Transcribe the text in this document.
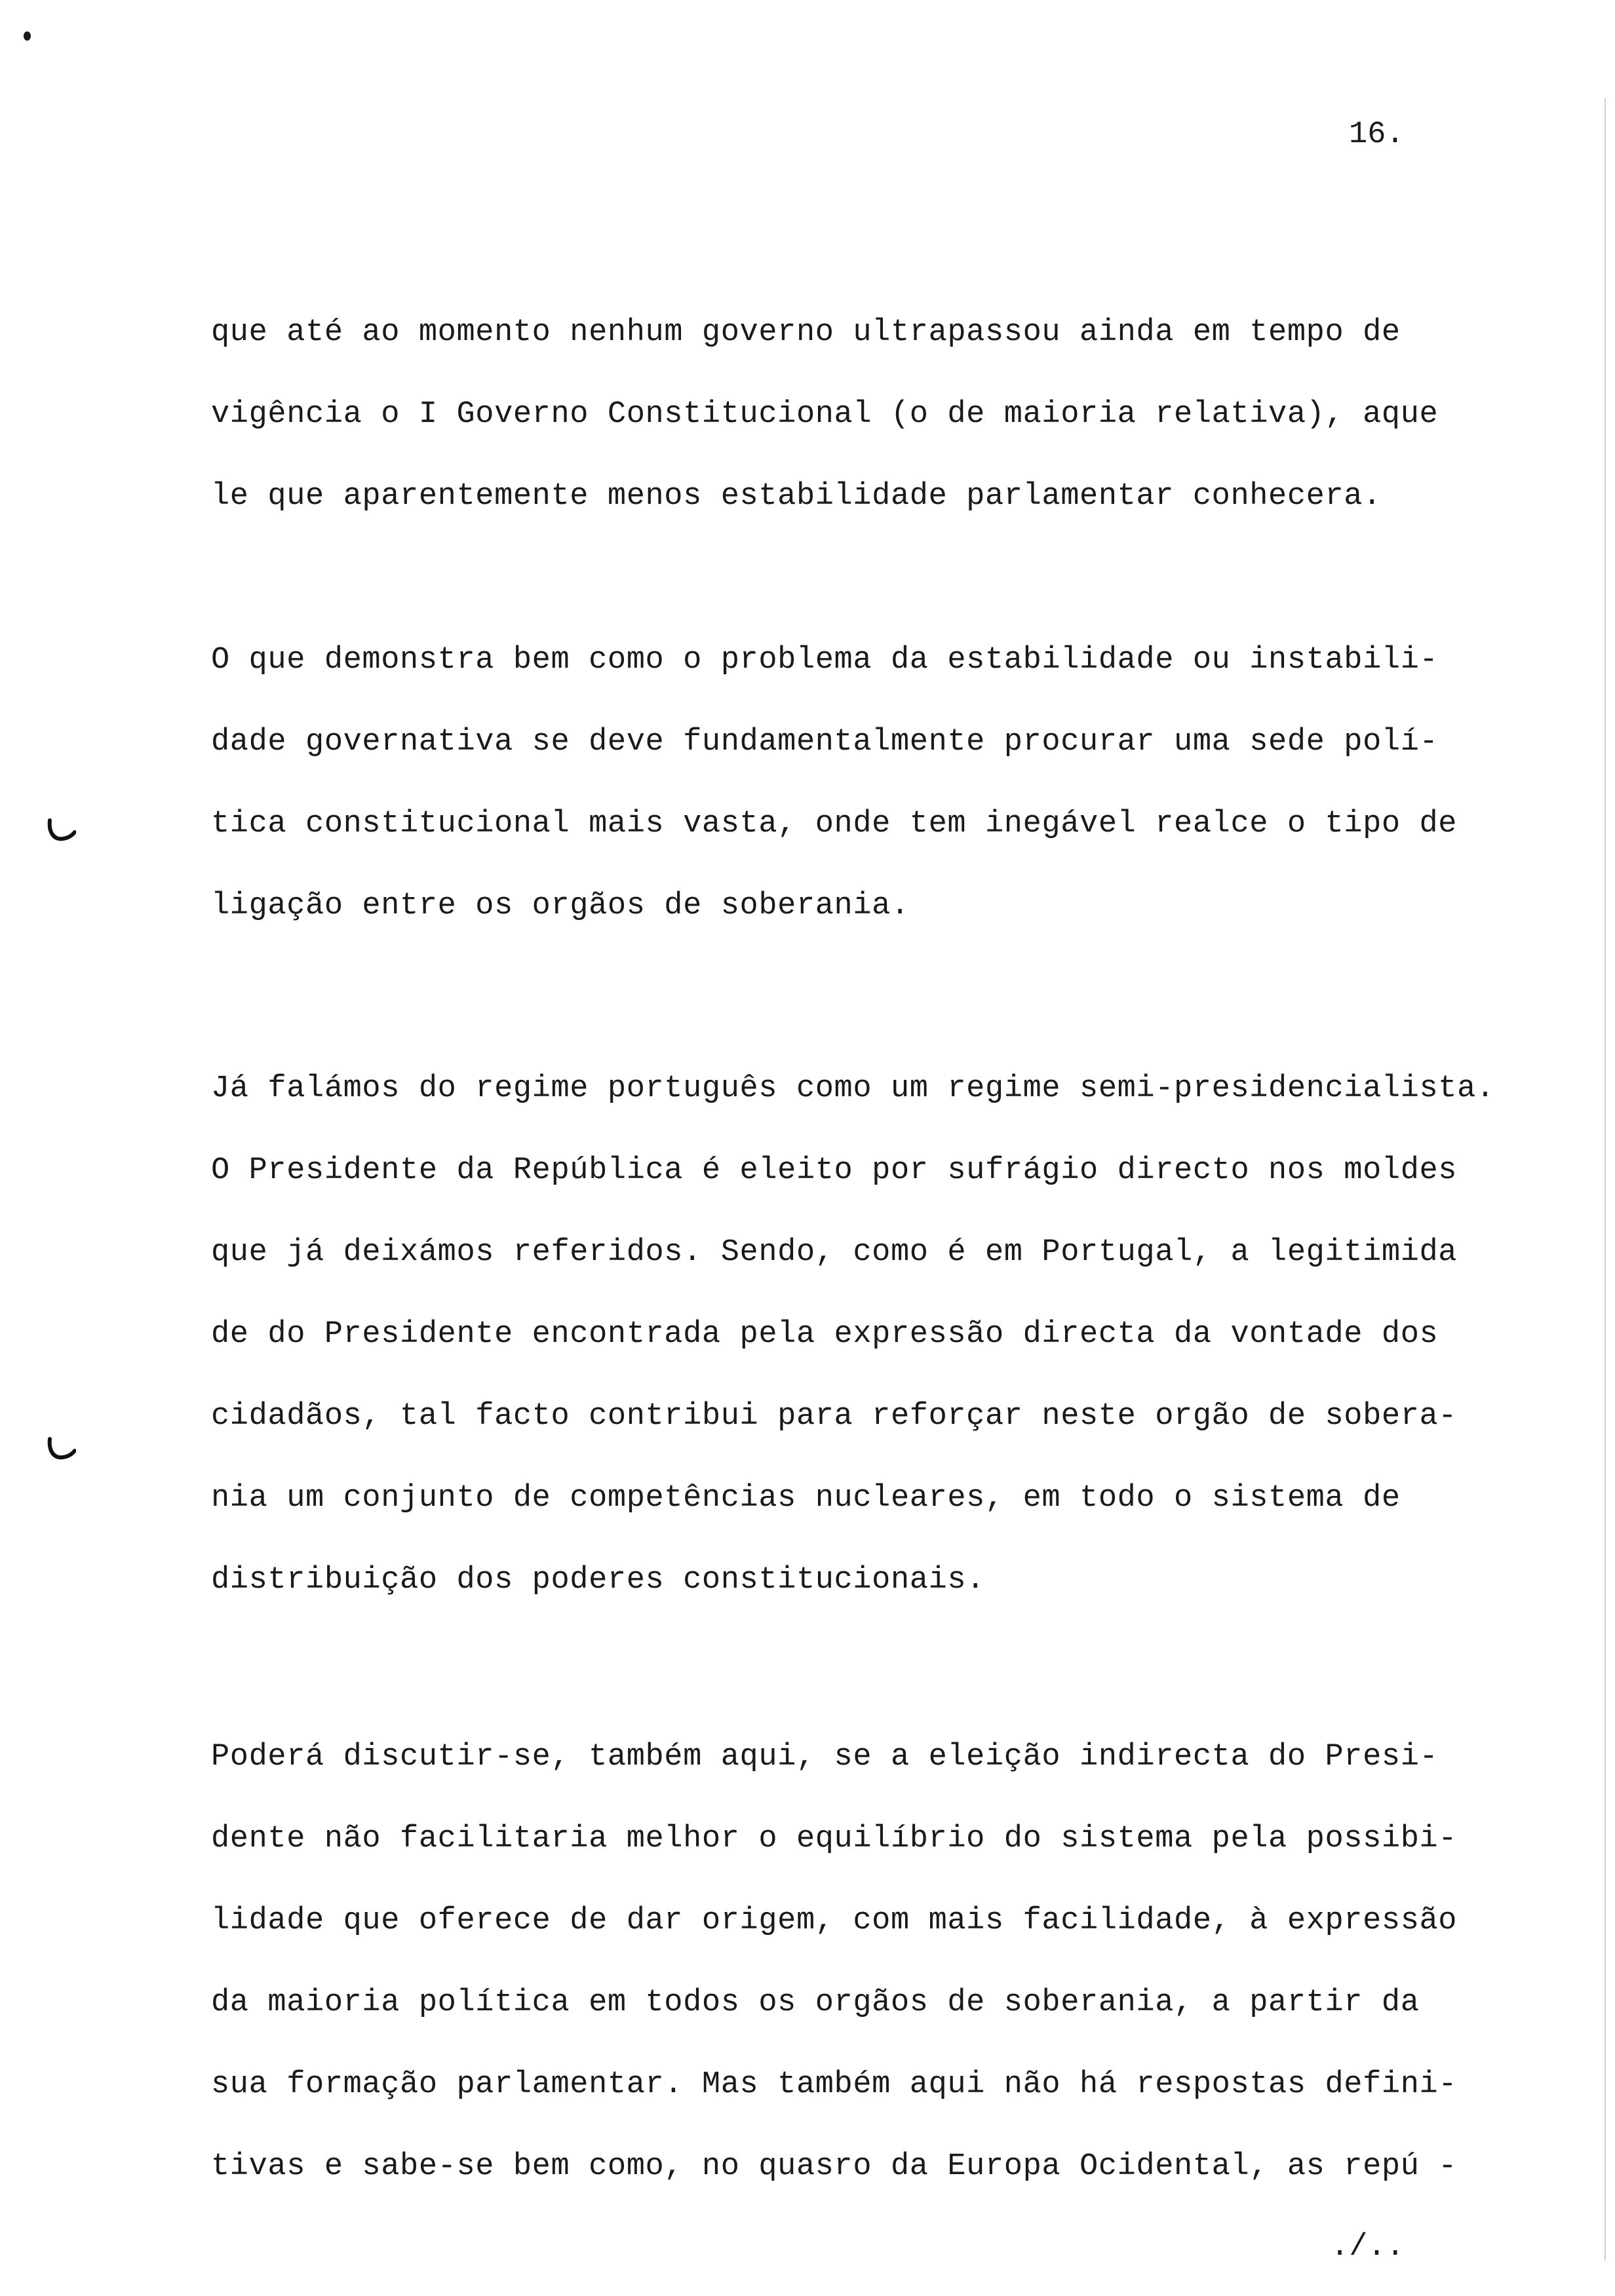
16.
que até ao momento nenhum governo ultrapassou ainda em tempo de
vigência o I Governo Constitucional (o de maioria relativa), aque
le que aparentemente menos estabilidade parlamentar conhecera.
O que demonstra bem como o problema da estabilidade ou instabili-
dade governativa se deve fundamentalmente procurar uma sede polí-
tica constitucional mais vasta, onde tem inegável realce o tipo de
ligação entre os orgãos de soberania.
Já falámos do regime português como um regime semi-presidencialista.
O Presidente da República é eleito por sufrágio directo nos moldes
que já deixámos referidos. Sendo, como é em Portugal, a legitimida
de do Presidente encontrada pela expressão directa da vontade dos
cidadãos, tal facto contribui para reforçar neste orgão de sobera-
nia um conjunto de competências nucleares, em todo o sistema de
distribuição dos poderes constitucionais.
Poderá discutir-se, também aqui, se a eleição indirecta do Presi-
dente não facilitaria melhor o equilíbrio do sistema pela possibi-
lidade que oferece de dar origem, com mais facilidade, à expressão
da maioria política em todos os orgãos de soberania, a partir da
sua formação parlamentar. Mas também aqui não há respostas defini-
tivas e sabe-se bem como, no quasro da Europa Ocidental, as repú -
./..
